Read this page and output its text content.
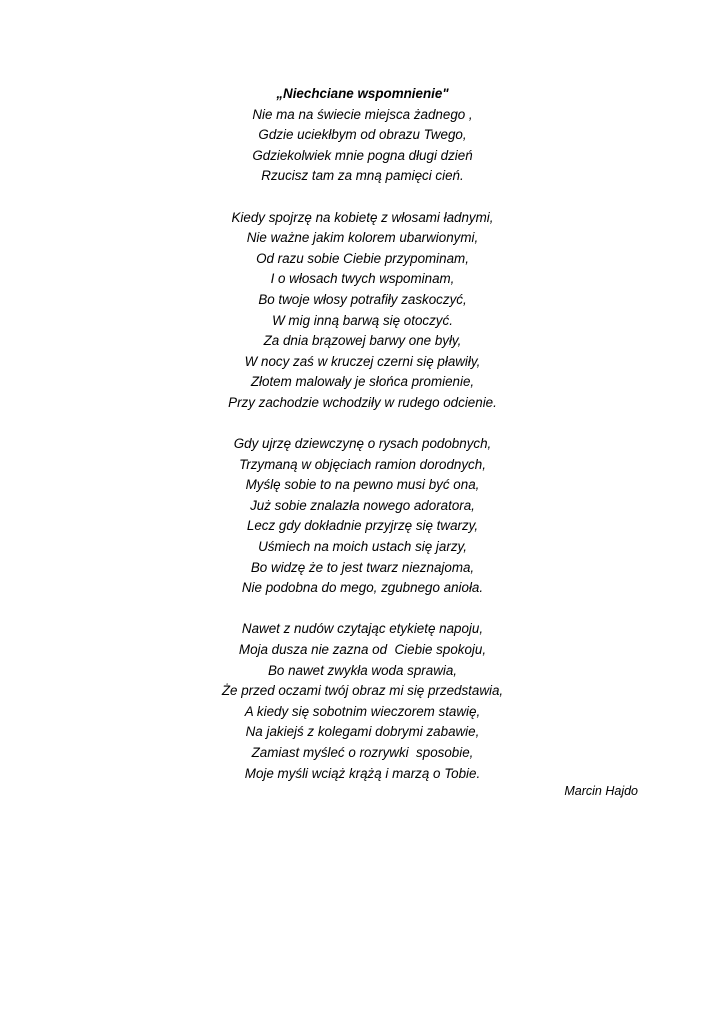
„Niechciane wspomnienie"
Nie ma na świecie miejsca żadnego ,
Gdzie uciekłbym od obrazu Twego,
Gdziekolwiek mnie pogna długi dzień
Rzucisz tam za mną pamięci cień.
Kiedy spojrzę na kobietę z włosami ładnymi,
Nie ważne jakim kolorem ubarwionymi,
Od razu sobie Ciebie przypominam,
I o włosach twych wspominam,
Bo twoje włosy potrafiły zaskoczyć,
W mig inną barwą się otoczyć.
Za dnia brązowej barwy one były,
W nocy zaś w kruczej czerni się pławiły,
Złotem malowały je słońca promienie,
Przy zachodzie wchodziły w rudego odcienie.
Gdy ujrzę dziewczynę o rysach podobnych,
Trzymaną w objęciach ramion dorodnych,
Myślę sobie to na pewno musi być ona,
Już sobie znalazła nowego adoratora,
Lecz gdy dokładnie przyjrzę się twarzy,
Uśmiech na moich ustach się jarzy,
Bo widzę że to jest twarz nieznajoma,
Nie podobna do mego, zgubnego anioła.
Nawet z nudów czytając etykietę napoju,
Moja dusza nie zazna od  Ciebie spokoju,
Bo nawet zwykła woda sprawia,
Że przed oczami twój obraz mi się przedstawia,
A kiedy się sobotnim wieczorem stawię,
Na jakiejś z kolegami dobrymi zabawie,
Zamiast myśleć o rozrywki  sposobie,
Moje myśli wciąż krążą i marzą o Tobie.
Marcin Hajdo
